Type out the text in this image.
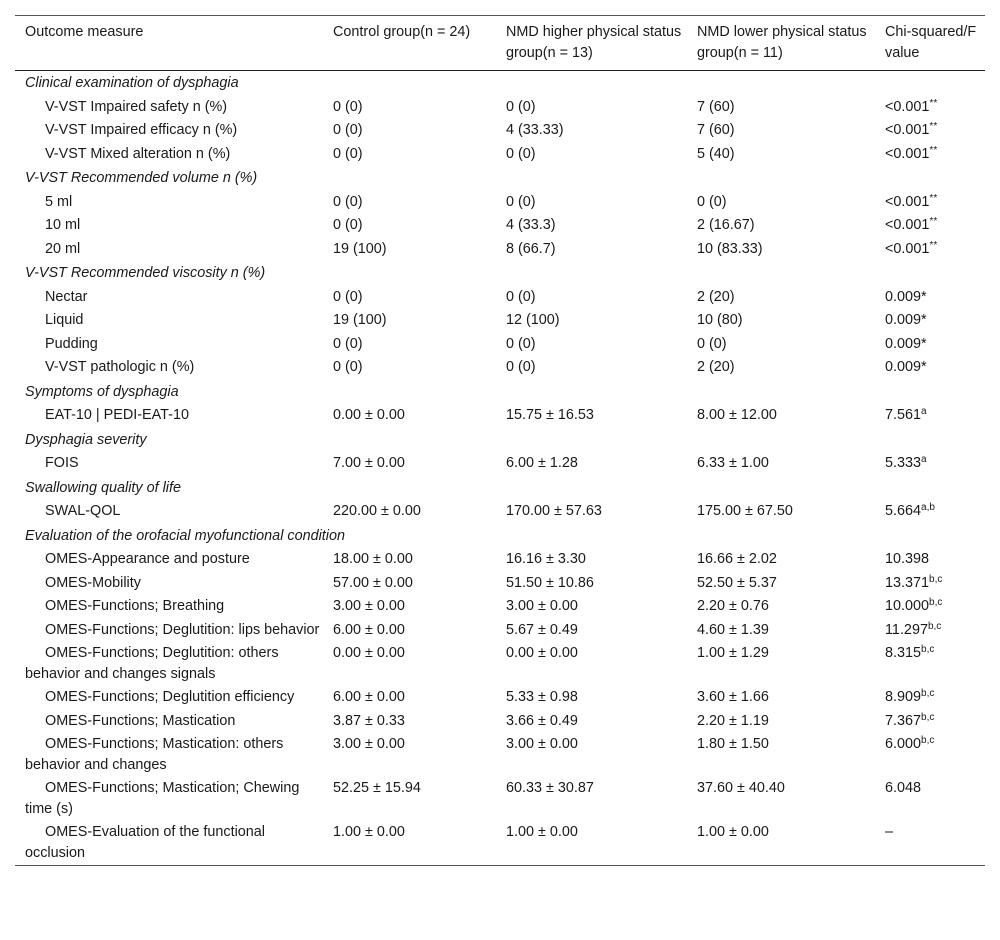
Outcome measure	Control group(n = 24)	NMD higher physical status group(n = 13)	NMD lower physical status group(n = 11)	Chi-squared/F value
Clinical examination of dysphagia				
V-VST Impaired safety n (%)	0 (0)	0 (0)	7 (60)	<0.001**
V-VST Impaired efficacy n (%)	0 (0)	4 (33.33)	7 (60)	<0.001**
V-VST Mixed alteration n (%)	0 (0)	0 (0)	5 (40)	<0.001**
V-VST Recommended volume n (%)				
5 ml	0 (0)	0 (0)	0 (0)	<0.001**
10 ml	0 (0)	4 (33.3)	2 (16.67)	<0.001**
20 ml	19 (100)	8 (66.7)	10 (83.33)	<0.001**
V-VST Recommended viscosity n (%)				
Nectar	0 (0)	0 (0)	2 (20)	0.009*
Liquid	19 (100)	12 (100)	10 (80)	0.009*
Pudding	0 (0)	0 (0)	0 (0)	0.009*
V-VST pathologic n (%)	0 (0)	0 (0)	2 (20)	0.009*
Symptoms of dysphagia				
EAT-10 | PEDI-EAT-10	0.00 ± 0.00	15.75 ± 16.53	8.00 ± 12.00	7.561$^a$
Dysphagia severity				
FOIS	7.00 ± 0.00	6.00 ± 1.28	6.33 ± 1.00	5.333$^a$
Swallowing quality of life				
SWAL-QOL	220.00 ± 0.00	170.00 ± 57.63	175.00 ± 67.50	5.664$^{a,b}$
Evaluation of the orofacial myofunctional condition				
OMES-Appearance and posture	18.00 ± 0.00	16.16 ± 3.30	16.66 ± 2.02	10.398
OMES-Mobility	57.00 ± 0.00	51.50 ± 10.86	52.50 ± 5.37	13.371$^{b,c}$
OMES-Functions; Breathing	3.00 ± 0.00	3.00 ± 0.00	2.20 ± 0.76	10.000$^{b,c}$
OMES-Functions; Deglutition: lips behavior	6.00 ± 0.00	5.67 ± 0.49	4.60 ± 1.39	11.297$^{b,c}$
OMES-Functions; Deglutition: others behavior and changes signals	0.00 ± 0.00	0.00 ± 0.00	1.00 ± 1.29	8.315$^{b,c}$
OMES-Functions; Deglutition efficiency	6.00 ± 0.00	5.33 ± 0.98	3.60 ± 1.66	8.909$^{b,c}$
OMES-Functions; Mastication	3.87 ± 0.33	3.66 ± 0.49	2.20 ± 1.19	7.367$^{b,c}$
OMES-Functions; Mastication: others behavior and changes	3.00 ± 0.00	3.00 ± 0.00	1.80 ± 1.50	6.000$^{b,c}$
OMES-Functions; Mastication; Chewing time (s)	52.25 ± 15.94	60.33 ± 30.87	37.60 ± 40.40	6.048
OMES-Evaluation of the functional occlusion	1.00 ± 0.00	1.00 ± 0.00	1.00 ± 0.00	–
